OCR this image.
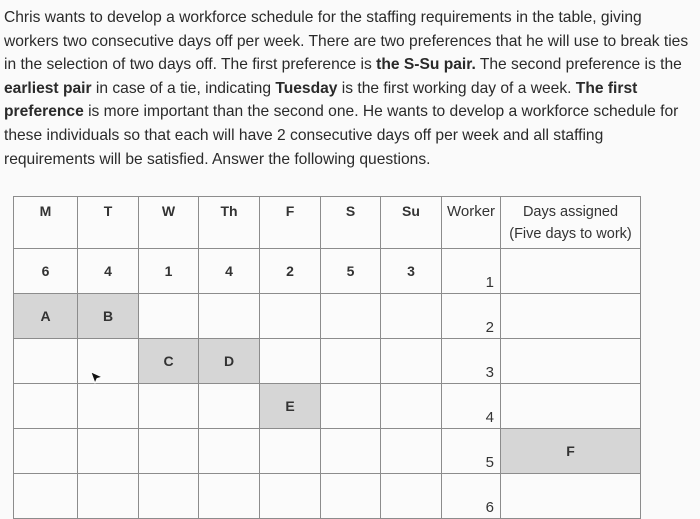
Chris wants to develop a workforce schedule for the staffing requirements in the table, giving workers two consecutive days off per week. There are two preferences that he will use to break ties in the selection of two days off. The first preference is the S-Su pair. The second preference is the earliest pair in case of a tie, indicating Tuesday is the first working day of a week. The first preference is more important than the second one. He wants to develop a workforce schedule for these individuals so that each will have 2 consecutive days off per week and all staffing requirements will be satisfied. Answer the following questions.
M	T	W	Th	F	S	Su	Worker	Days assigned
(Five days to work)

6	4	1	4	2	5	3	1	
A	B						2	
		C	D				3	
				E			4	
							5	F
							6	
